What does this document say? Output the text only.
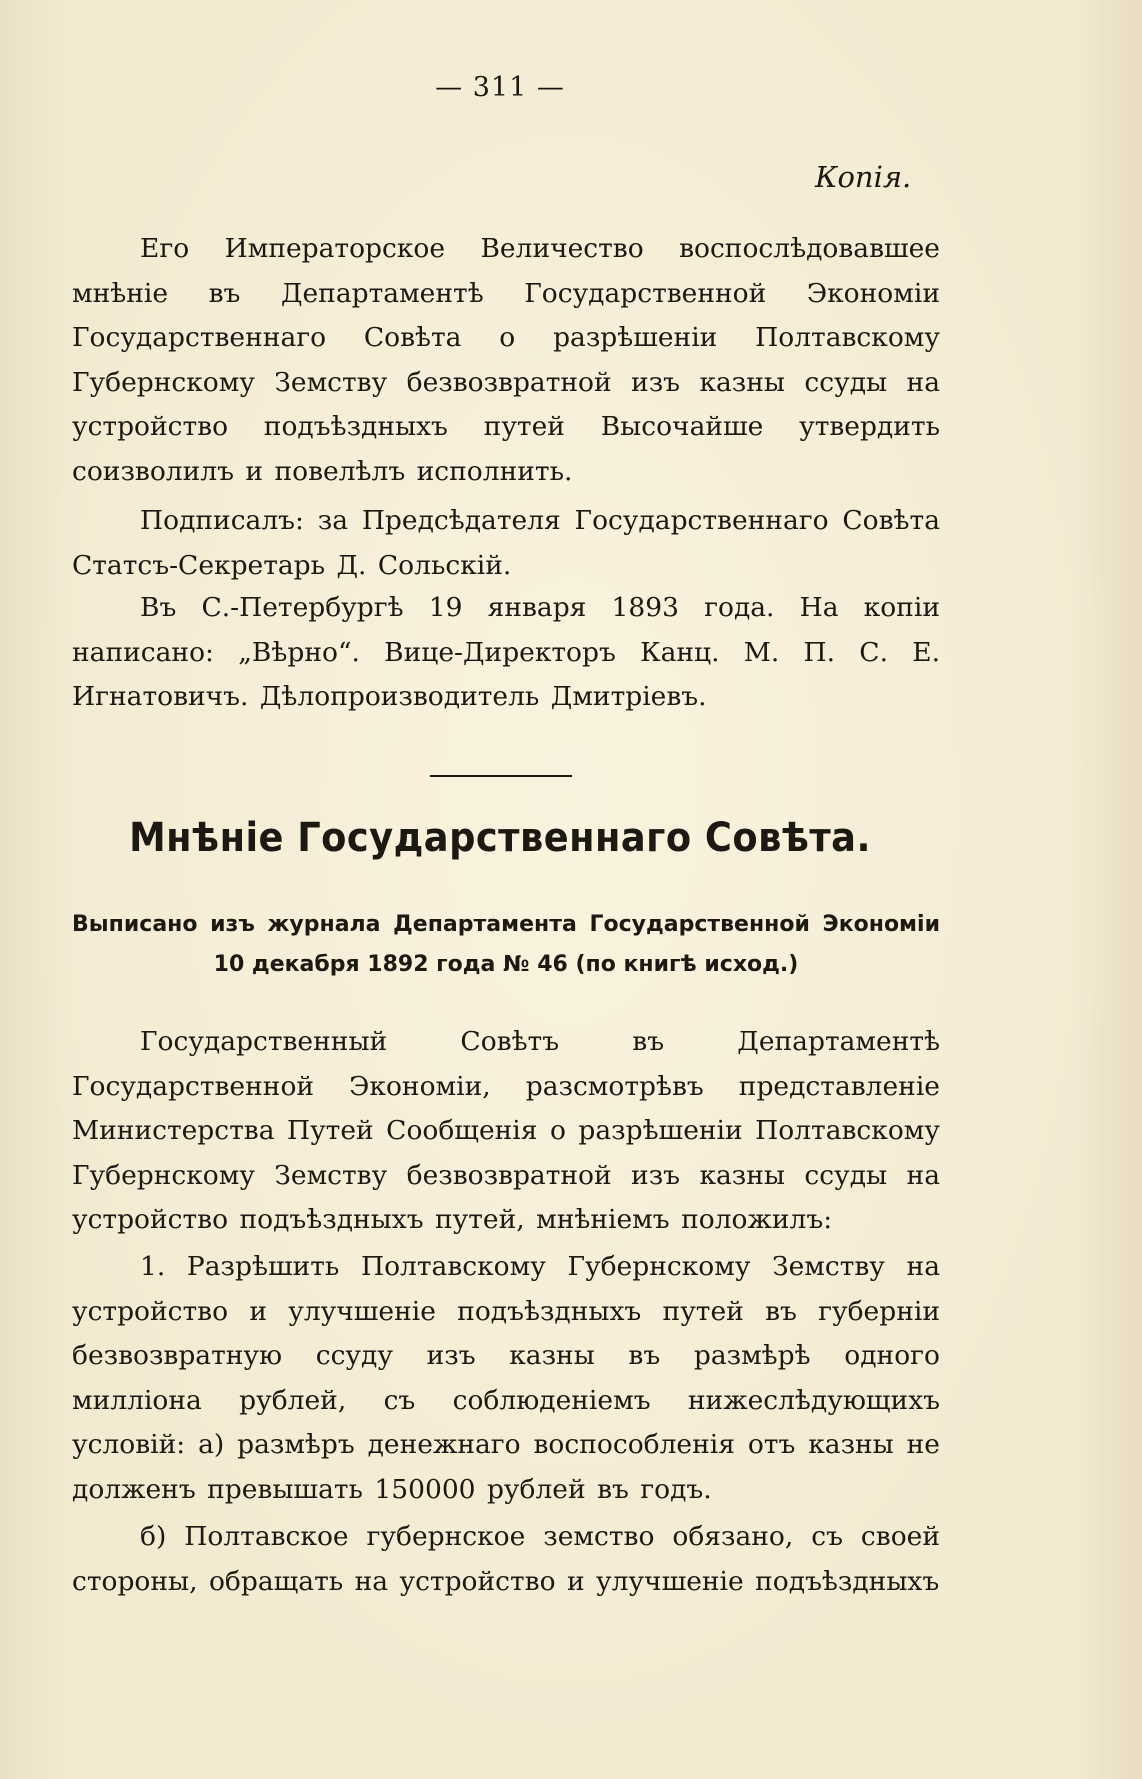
— 311 —
Копія.

Его Императорское Величество воспослѣдовавшее мнѣніе въ Департаментѣ Государственной Экономіи Государственнаго Совѣта о разрѣшеніи Полтавскому Губернскому Земству безвозвратной изъ казны ссуды на устройство подъѣздныхъ путей Высочайше утвердить соизволилъ и повелѣлъ исполнить.

Подписалъ: за Предсѣдателя Государственнаго Совѣта Статсъ-Секретарь Д. Сольскій.

Въ С.-Петербургѣ 19 января 1893 года. На копіи написано: „Вѣрно“. Вице-Директоръ Канц. М. П. С. Е. Игнатовичъ. Дѣлопроизводитель Дмитріевъ.

Мнѣніе Государственнаго Совѣта.
Выписано изъ журнала Департамента Государственной Экономіи
10 декабря 1892 года № 46 (по книгѣ исход.)

Государственный Совѣтъ въ Департаментѣ Государственной Экономіи, разсмотрѣвъ представленіе Министерства Путей Сообщенія о разрѣшеніи Полтавскому Губернскому Земству безвозвратной изъ казны ссуды на устройство подъѣздныхъ путей, мнѣніемъ положилъ:

1. Разрѣшить Полтавскому Губернскому Земству на устройство и улучшеніе подъѣздныхъ путей въ губерніи безвозвратную ссуду изъ казны въ размѣрѣ одного милліона рублей, съ соблюденіемъ нижеслѣдующихъ условій: а) размѣръ денежнаго воспособленія отъ казны не долженъ превышать 150000 рублей въ годъ.

б) Полтавское губернское земство обязано, съ своей стороны, обращать на устройство и улучшеніе подъѣздныхъ
